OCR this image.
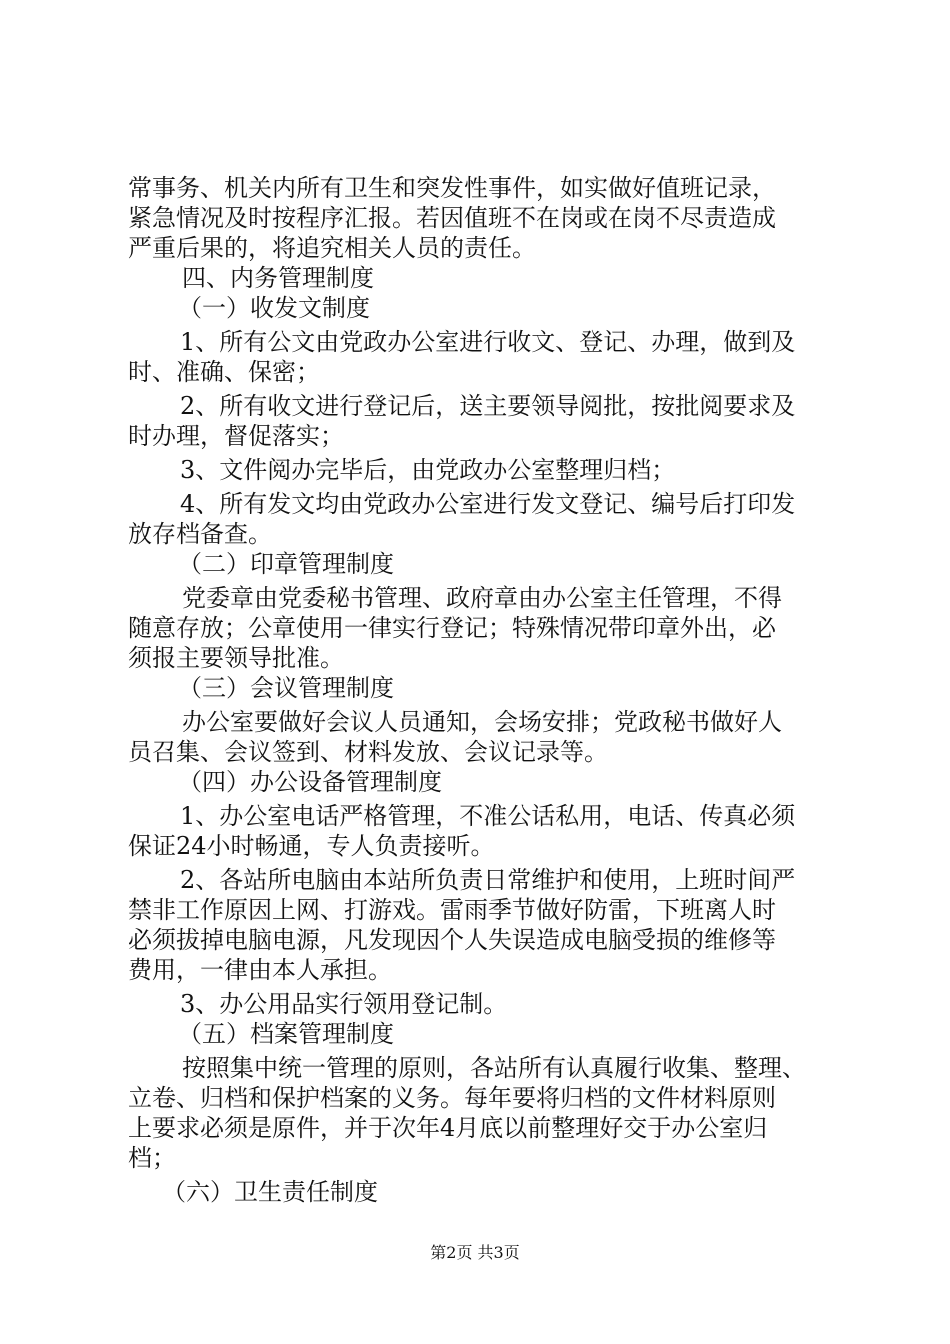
常事务、机关内所有卫生和突发性事件，如实做好值班记录，

紧急情况及时按程序汇报。若因值班不在岗或在岗不尽责造成

严重后果的，将追究相关人员的责任。

四、内务管理制度

（一）收发文制度

1、所有公文由党政办公室进行收文、登记、办理，做到及

时、准确、保密；

2、所有收文进行登记后，送主要领导阅批，按批阅要求及

时办理，督促落实；

3、文件阅办完毕后，由党政办公室整理归档；

4、所有发文均由党政办公室进行发文登记、编号后打印发

放存档备查。

（二）印章管理制度

党委章由党委秘书管理、政府章由办公室主任管理，不得

随意存放；公章使用一律实行登记；特殊情况带印章外出，必

须报主要领导批准。

（三）会议管理制度

办公室要做好会议人员通知，会场安排；党政秘书做好人

员召集、会议签到、材料发放、会议记录等。

（四）办公设备管理制度

1、办公室电话严格管理，不准公话私用，电话、传真必须

保证24小时畅通，专人负责接听。

2、各站所电脑由本站所负责日常维护和使用，上班时间严

禁非工作原因上网、打游戏。雷雨季节做好防雷，下班离人时

必须拔掉电脑电源，凡发现因个人失误造成电脑受损的维修等

费用，一律由本人承担。

3、办公用品实行领用登记制。

（五）档案管理制度

按照集中统一管理的原则，各站所有认真履行收集、整理、

立卷、归档和保护档案的义务。每年要将归档的文件材料原则

上要求必须是原件，并于次年4月底以前整理好交于办公室归

档；

（六）卫生责任制度

第2页 共3页
